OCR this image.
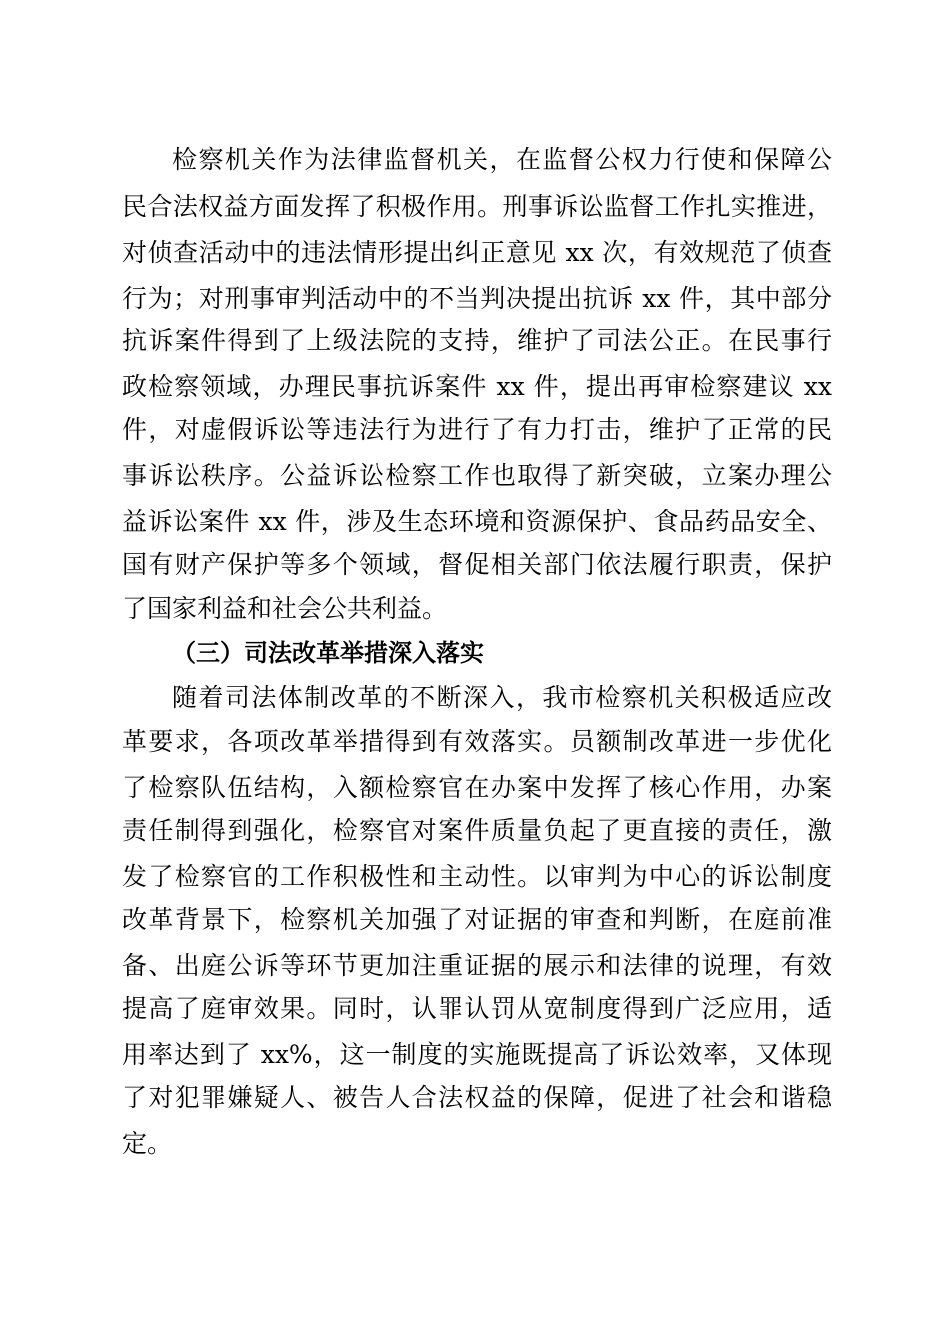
检察机关作为法律监督机关，在监督公权力行使和保障公
民合法权益方面发挥了积极作用。刑事诉讼监督工作扎实推进，
对侦查活动中的违法情形提出纠正意见 xx 次，有效规范了侦查
行为；对刑事审判活动中的不当判决提出抗诉 xx 件，其中部分
抗诉案件得到了上级法院的支持，维护了司法公正。在民事行
政检察领域，办理民事抗诉案件 xx 件，提出再审检察建议 xx
件，对虚假诉讼等违法行为进行了有力打击，维护了正常的民
事诉讼秩序。公益诉讼检察工作也取得了新突破，立案办理公
益诉讼案件 xx 件，涉及生态环境和资源保护、食品药品安全、
国有财产保护等多个领域，督促相关部门依法履行职责，保护
了国家利益和社会公共利益。
（三）司法改革举措深入落实
随着司法体制改革的不断深入，我市检察机关积极适应改
革要求，各项改革举措得到有效落实。员额制改革进一步优化
了检察队伍结构，入额检察官在办案中发挥了核心作用，办案
责任制得到强化，检察官对案件质量负起了更直接的责任，激
发了检察官的工作积极性和主动性。以审判为中心的诉讼制度
改革背景下，检察机关加强了对证据的审查和判断，在庭前准
备、出庭公诉等环节更加注重证据的展示和法律的说理，有效
提高了庭审效果。同时，认罪认罚从宽制度得到广泛应用，适
用率达到了 xx%，这一制度的实施既提高了诉讼效率，又体现
了对犯罪嫌疑人、被告人合法权益的保障，促进了社会和谐稳
定。
